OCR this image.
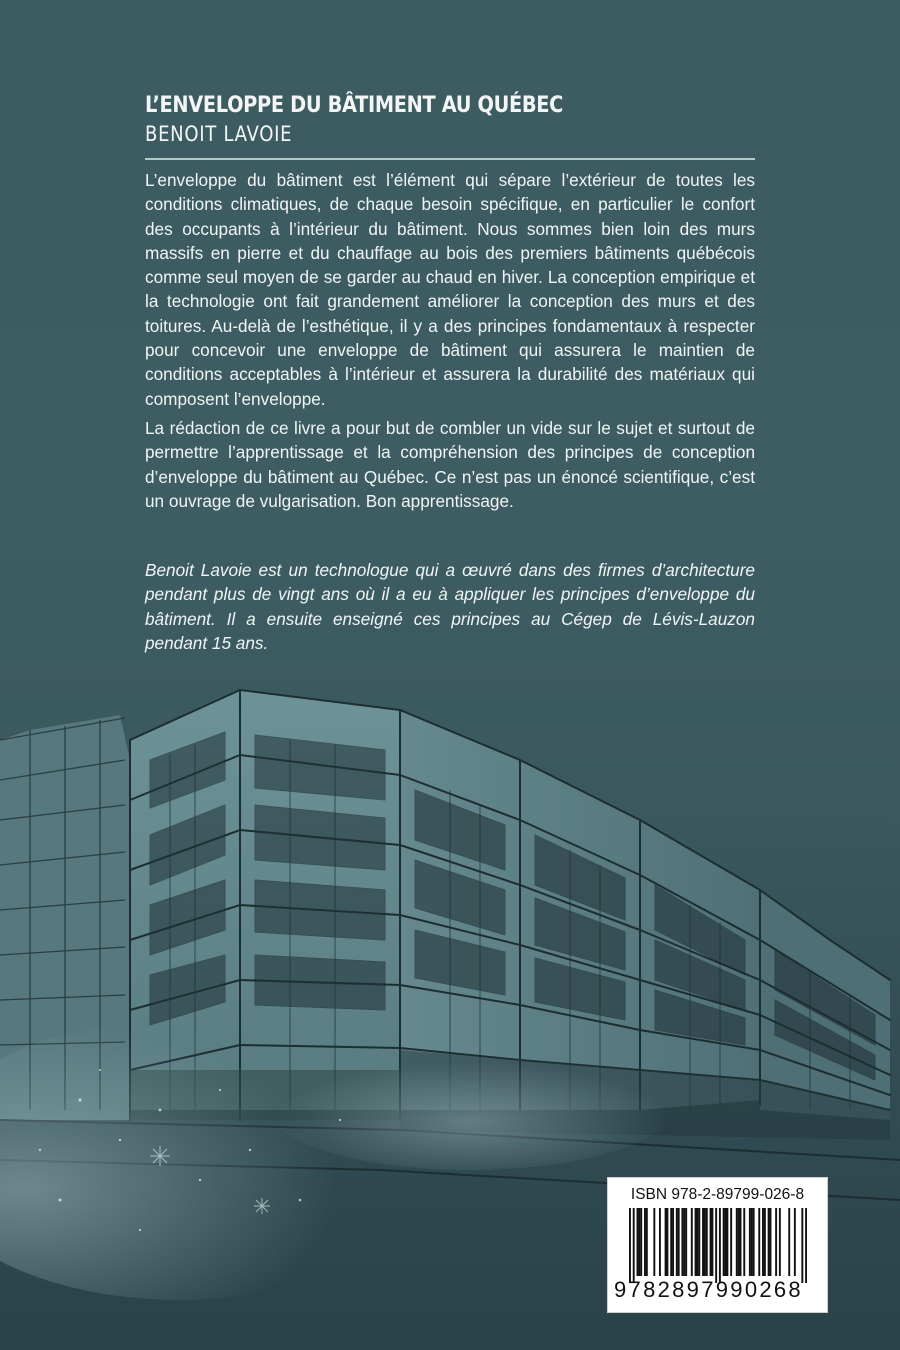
L’ENVELOPPE DU BÂTIMENT AU QUÉBEC
BENOIT LAVOIE

L’enveloppe du bâtiment est l’élément qui sépare l’extérieur de toutes les conditions climatiques, de chaque besoin spécifique, en particulier le confort des occupants à l’intérieur du bâtiment. Nous sommes bien loin des murs massifs en pierre et du chauffage au bois des premiers bâtiments québécois comme seul moyen de se garder au chaud en hiver. La conception empirique et la technologie ont fait grandement améliorer la conception des murs et des toitures. Au-delà de l’esthétique, il y a des principes fondamentaux à respecter pour concevoir une enveloppe de bâtiment qui assurera le maintien de conditions acceptables à l’intérieur et assurera la durabilité des matériaux qui composent l’enveloppe.

La rédaction de ce livre a pour but de combler un vide sur le sujet et surtout de permettre l’apprentissage et la compréhension des principes de conception d’enveloppe du bâtiment au Québec. Ce n’est pas un énoncé scientifique, c’est un ouvrage de vulgarisation. Bon apprentissage.

Benoit Lavoie est un technologue qui a œuvré dans des firmes d’architecture pendant plus de vingt ans où il a eu à appliquer les principes d’enveloppe du bâtiment. Il a ensuite enseigné ces principes au Cégep de Lévis-Lauzon pendant 15 ans.

ISBN 978-2-89799-026-8

9782897990268
